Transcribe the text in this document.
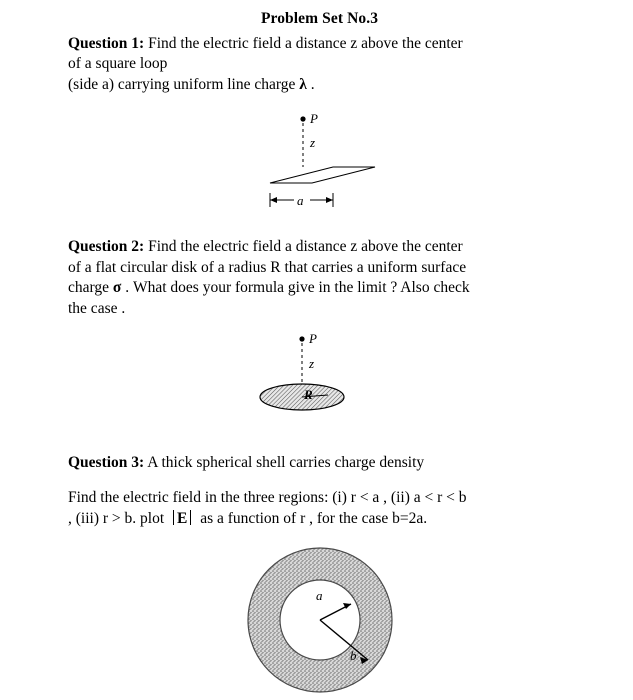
Problem Set No.3
Question 1: Find the electric field a distance z above the center
of a square loop
(side a) carrying uniform line charge λ .
P
z
a
Question 2: Find the electric field a distance z above the center
of a flat circular disk of a radius R that carries a uniform surface
charge σ . What does your formula give in the limit ? Also check
the case .
P
z
R
Question 3: A thick spherical shell carries charge density
Find the electric field in the three regions: (i) r < a , (ii) a < r < b
, (iii) r > b. plot E as a function of r , for the case b=2a.
a
b
